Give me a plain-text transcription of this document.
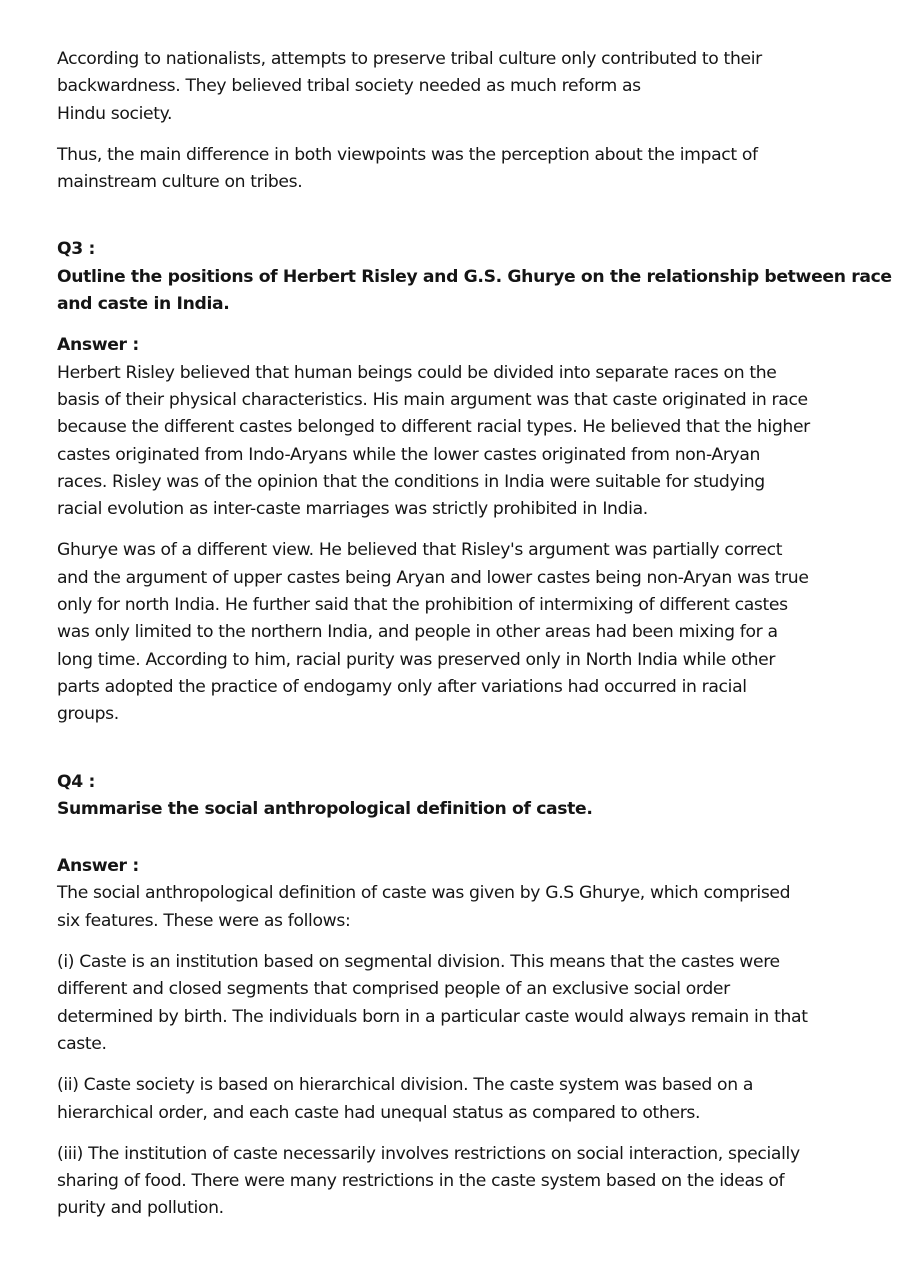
According to nationalists, attempts to preserve tribal culture only contributed to their
backwardness. They believed tribal society needed as much reform as
Hindu society.

Thus, the main difference in both viewpoints was the perception about the impact of
mainstream culture on tribes.

Q3 :

Outline the positions of Herbert Risley and G.S. Ghurye on the relationship between race
and caste in India.

Answer :

Herbert Risley believed that human beings could be divided into separate races on the
basis of their physical characteristics. His main argument was that caste originated in race
because the different castes belonged to different racial types. He believed that the higher
castes originated from Indo-Aryans while the lower castes originated from non-Aryan
races. Risley was of the opinion that the conditions in India were suitable for studying
racial evolution as inter-caste marriages was strictly prohibited in India.

Ghurye was of a different view. He believed that Risley's argument was partially correct
and the argument of upper castes being Aryan and lower castes being non-Aryan was true
only for north India. He further said that the prohibition of intermixing of different castes
was only limited to the northern India, and people in other areas had been mixing for a
long time. According to him, racial purity was preserved only in North India while other
parts adopted the practice of endogamy only after variations had occurred in racial
groups.

Q4 :

Summarise the social anthropological definition of caste.

Answer :

The social anthropological definition of caste was given by G.S Ghurye, which comprised
six features. These were as follows:

(i) Caste is an institution based on segmental division. This means that the castes were
different and closed segments that comprised people of an exclusive social order
determined by birth. The individuals born in a particular caste would always remain in that
caste.

(ii) Caste society is based on hierarchical division. The caste system was based on a
hierarchical order, and each caste had unequal status as compared to others.

(iii) The institution of caste necessarily involves restrictions on social interaction, specially
sharing of food. There were many restrictions in the caste system based on the ideas of
purity and pollution.
